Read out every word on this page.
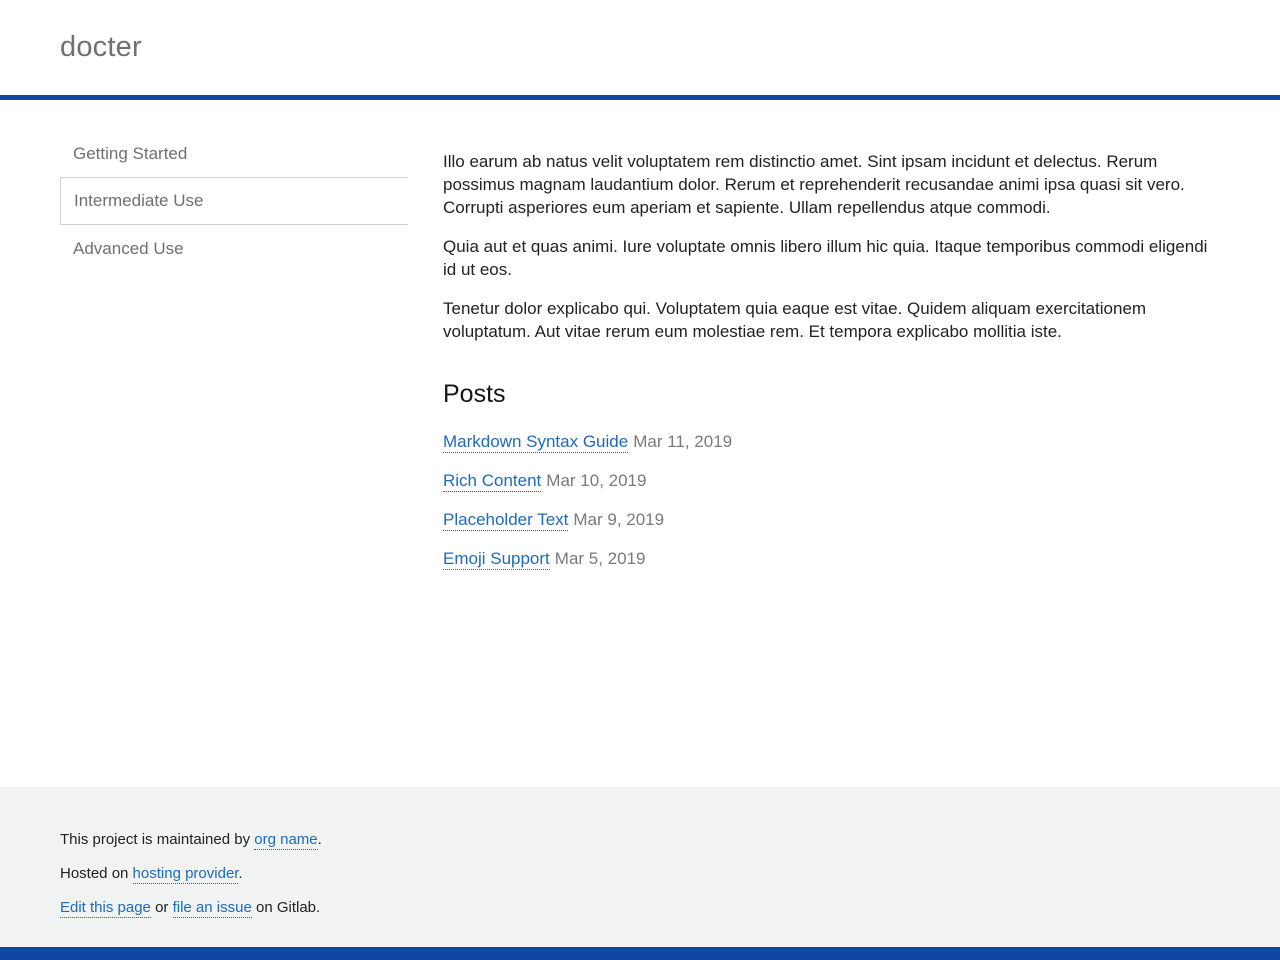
docter
Getting Started
Intermediate Use
Advanced Use

Illo earum ab natus velit voluptatem rem distinctio amet. Sint ipsam incidunt et delectus. Rerum possimus magnam laudantium dolor. Rerum et reprehenderit recusandae animi ipsa quasi sit vero. Corrupti asperiores eum aperiam et sapiente. Ullam repellendus atque commodi.

Quia aut et quas animi. Iure voluptate omnis libero illum hic quia. Itaque temporibus commodi eligendi id ut eos.

Tenetur dolor explicabo qui. Voluptatem quia eaque est vitae. Quidem aliquam exercitationem voluptatum. Aut vitae rerum eum molestiae rem. Et tempora explicabo mollitia iste.

Posts
Markdown Syntax Guide Mar 11, 2019
Rich Content Mar 10, 2019
Placeholder Text Mar 9, 2019
Emoji Support Mar 5, 2019
This project is maintained by org name.
Hosted on hosting provider.
Edit this page or file an issue on Gitlab.
